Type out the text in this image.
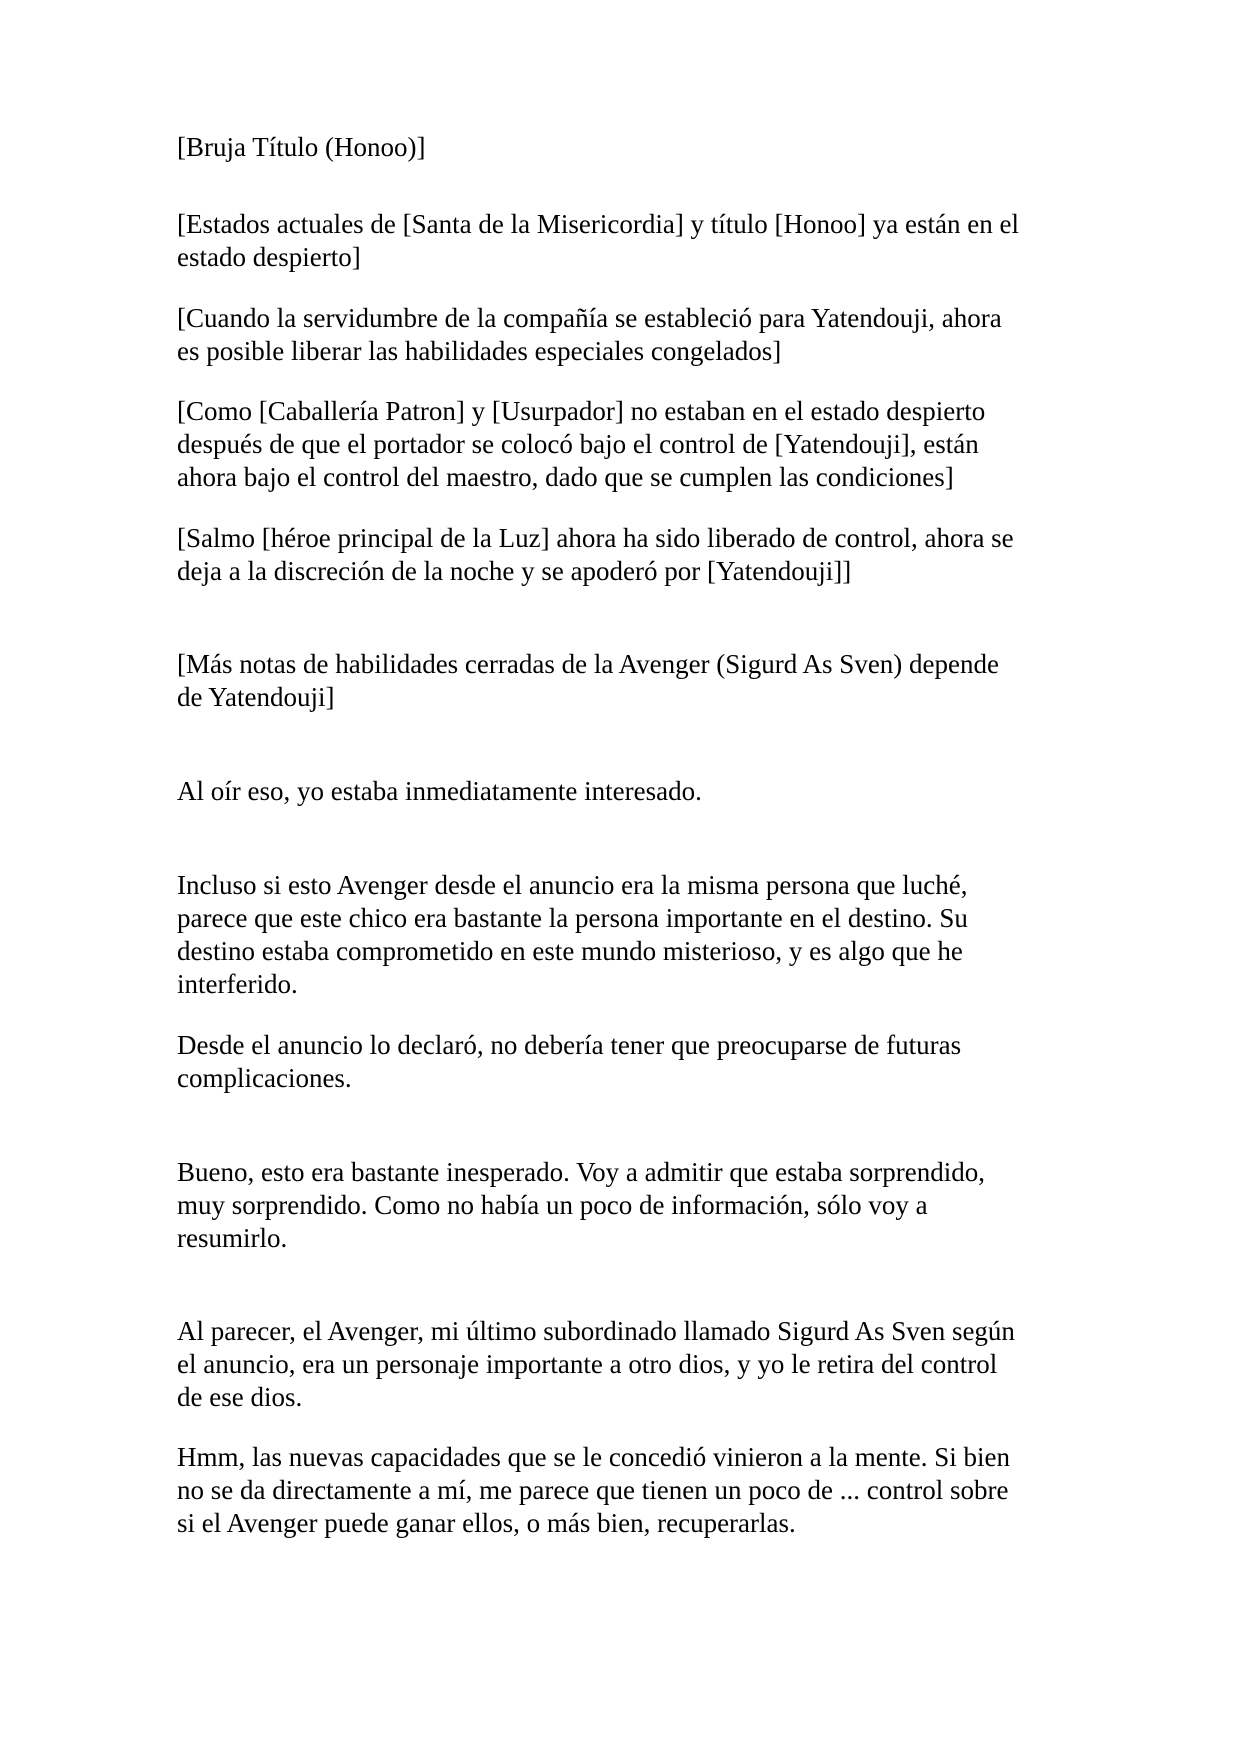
[Bruja Título (Honoo)]

[Estados actuales de [Santa de la Misericordia] y título [Honoo] ya están en el
estado despierto]

[Cuando la servidumbre de la compañía se estableció para Yatendouji, ahora
es posible liberar las habilidades especiales congelados]

[Como [Caballería Patron] y [Usurpador] no estaban en el estado despierto
después de que el portador se colocó bajo el control de [Yatendouji], están
ahora bajo el control del maestro, dado que se cumplen las condiciones]

[Salmo [héroe principal de la Luz] ahora ha sido liberado de control, ahora se
deja a la discreción de la noche y se apoderó por [Yatendouji]]

[Más notas de habilidades cerradas de la Avenger (Sigurd As Sven) depende
de Yatendouji]

Al oír eso, yo estaba inmediatamente interesado.

Incluso si esto Avenger desde el anuncio era la misma persona que luché,
parece que este chico era bastante la persona importante en el destino. Su
destino estaba comprometido en este mundo misterioso, y es algo que he
interferido.

Desde el anuncio lo declaró, no debería tener que preocuparse de futuras
complicaciones.

Bueno, esto era bastante inesperado. Voy a admitir que estaba sorprendido,
muy sorprendido. Como no había un poco de información, sólo voy a
resumirlo.

Al parecer, el Avenger, mi último subordinado llamado Sigurd As Sven según
el anuncio, era un personaje importante a otro dios, y yo le retira del control
de ese dios.

Hmm, las nuevas capacidades que se le concedió vinieron a la mente. Si bien
no se da directamente a mí, me parece que tienen un poco de ... control sobre
si el Avenger puede ganar ellos, o más bien, recuperarlas.
